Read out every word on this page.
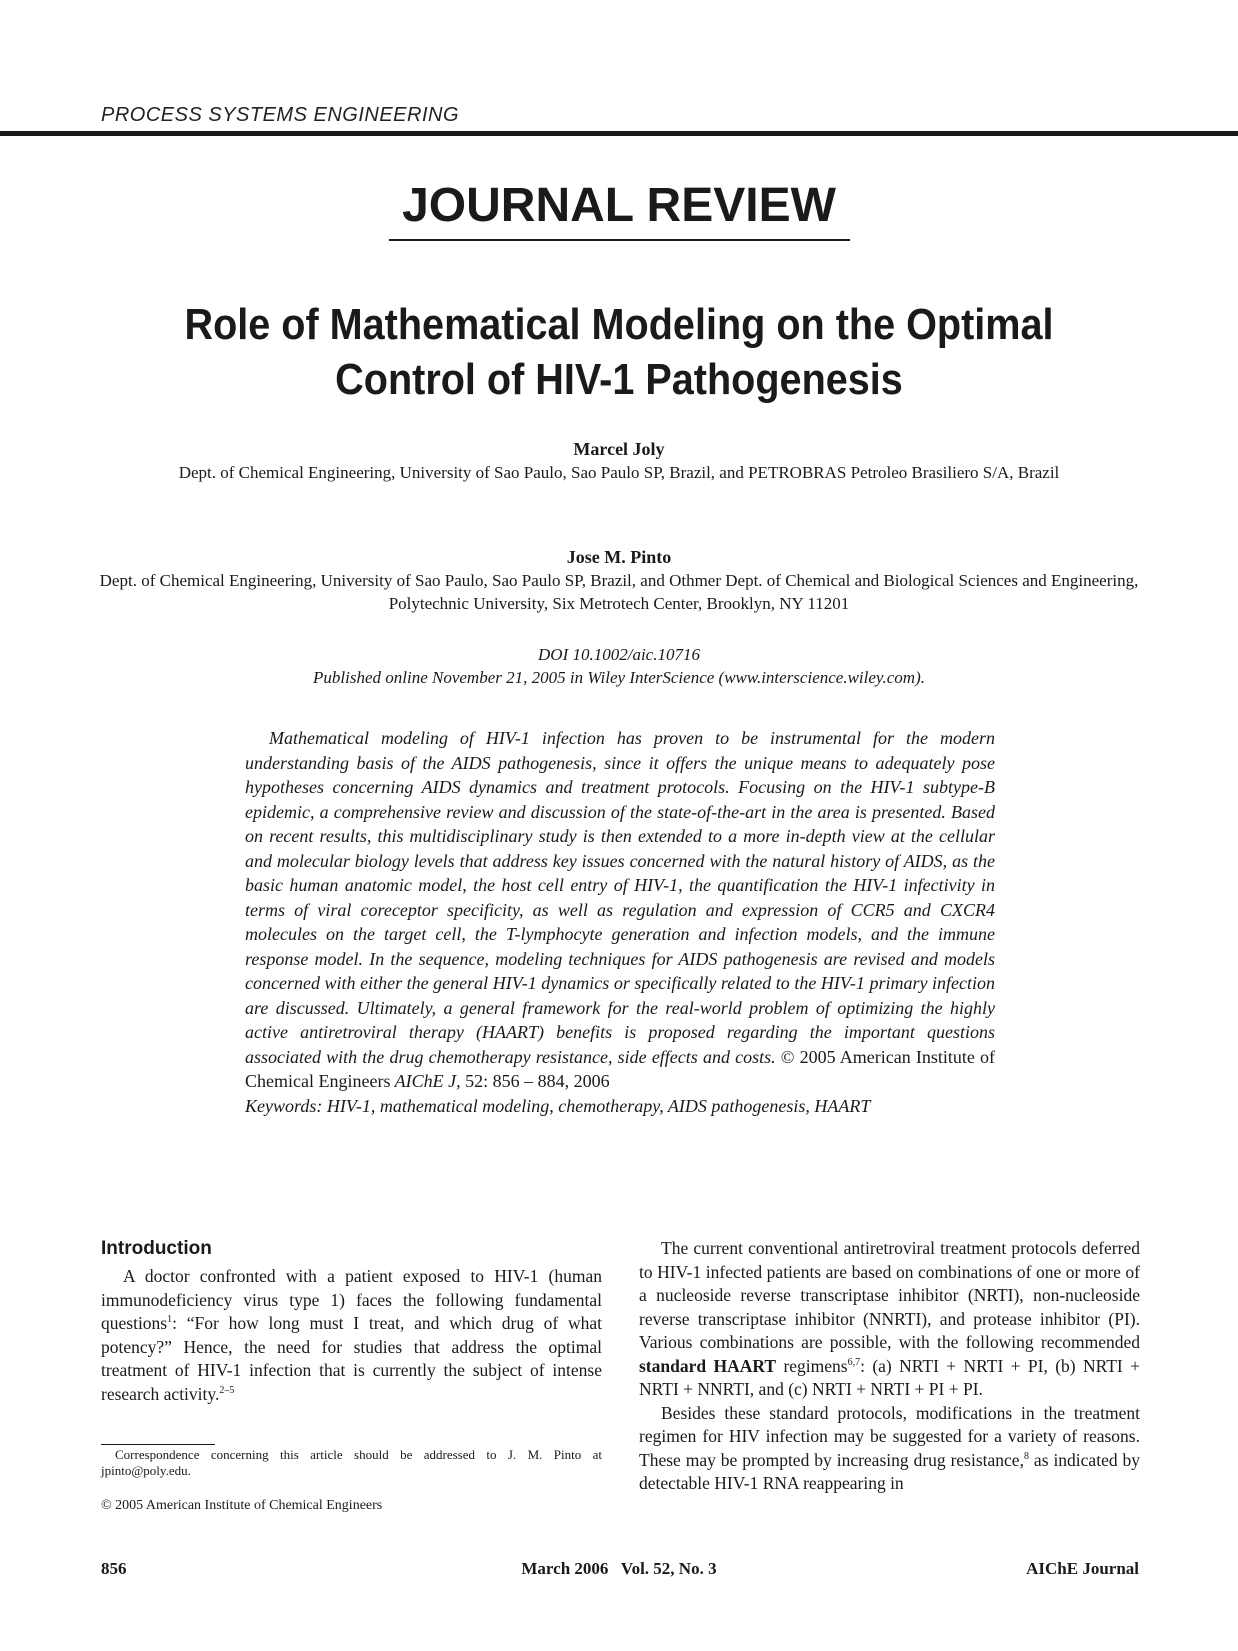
PROCESS SYSTEMS ENGINEERING
JOURNAL REVIEW
Role of Mathematical Modeling on the Optimal Control of HIV-1 Pathogenesis
Marcel Joly
Dept. of Chemical Engineering, University of Sao Paulo, Sao Paulo SP, Brazil, and PETROBRAS Petroleo Brasiliero S/A, Brazil
Jose M. Pinto
Dept. of Chemical Engineering, University of Sao Paulo, Sao Paulo SP, Brazil, and Othmer Dept. of Chemical and Biological Sciences and Engineering, Polytechnic University, Six Metrotech Center, Brooklyn, NY 11201
DOI 10.1002/aic.10716
Published online November 21, 2005 in Wiley InterScience (www.interscience.wiley.com).
Mathematical modeling of HIV-1 infection has proven to be instrumental for the modern understanding basis of the AIDS pathogenesis, since it offers the unique means to adequately pose hypotheses concerning AIDS dynamics and treatment protocols. Focusing on the HIV-1 subtype-B epidemic, a comprehensive review and discussion of the state-of-the-art in the area is presented. Based on recent results, this multidisciplinary study is then extended to a more in-depth view at the cellular and molecular biology levels that address key issues concerned with the natural history of AIDS, as the basic human anatomic model, the host cell entry of HIV-1, the quantification the HIV-1 infectivity in terms of viral coreceptor specificity, as well as regulation and expression of CCR5 and CXCR4 molecules on the target cell, the T-lymphocyte generation and infection models, and the immune response model. In the sequence, modeling techniques for AIDS pathogenesis are revised and models concerned with either the general HIV-1 dynamics or specifically related to the HIV-1 primary infection are discussed. Ultimately, a general framework for the real-world problem of optimizing the highly active antiretroviral therapy (HAART) benefits is proposed regarding the important questions associated with the drug chemotherapy resistance, side effects and costs. © 2005 American Institute of Chemical Engineers AIChE J, 52: 856 – 884, 2006
Keywords: HIV-1, mathematical modeling, chemotherapy, AIDS pathogenesis, HAART
Introduction

A doctor confronted with a patient exposed to HIV-1 (human immunodeficiency virus type 1) faces the following fundamental questions$^1$: “For how long must I treat, and which drug of what potency?” Hence, the need for studies that address the optimal treatment of HIV-1 infection that is currently the subject of intense research activity.$^{2-5}$

The current conventional antiretroviral treatment protocols deferred to HIV-1 infected patients are based on combinations of one or more of a nucleoside reverse transcriptase inhibitor (NRTI), non-nucleoside reverse transcriptase inhibitor (NNRTI), and protease inhibitor (PI). Various combinations are possible, with the following recommended standard HAART regimens$^{6,7}$: (a) NRTI + NRTI + PI, (b) NRTI + NRTI + NNRTI, and (c) NRTI + NRTI + PI + PI.

Besides these standard protocols, modifications in the treatment regimen for HIV infection may be suggested for a variety of reasons. These may be prompted by increasing drug resistance,$^8$ as indicated by detectable HIV-1 RNA reappearing in

Correspondence concerning this article should be addressed to J. M. Pinto at jpinto@poly.edu.
© 2005 American Institute of Chemical Engineers
856	March 2006   Vol. 52, No. 3	AIChE Journal
